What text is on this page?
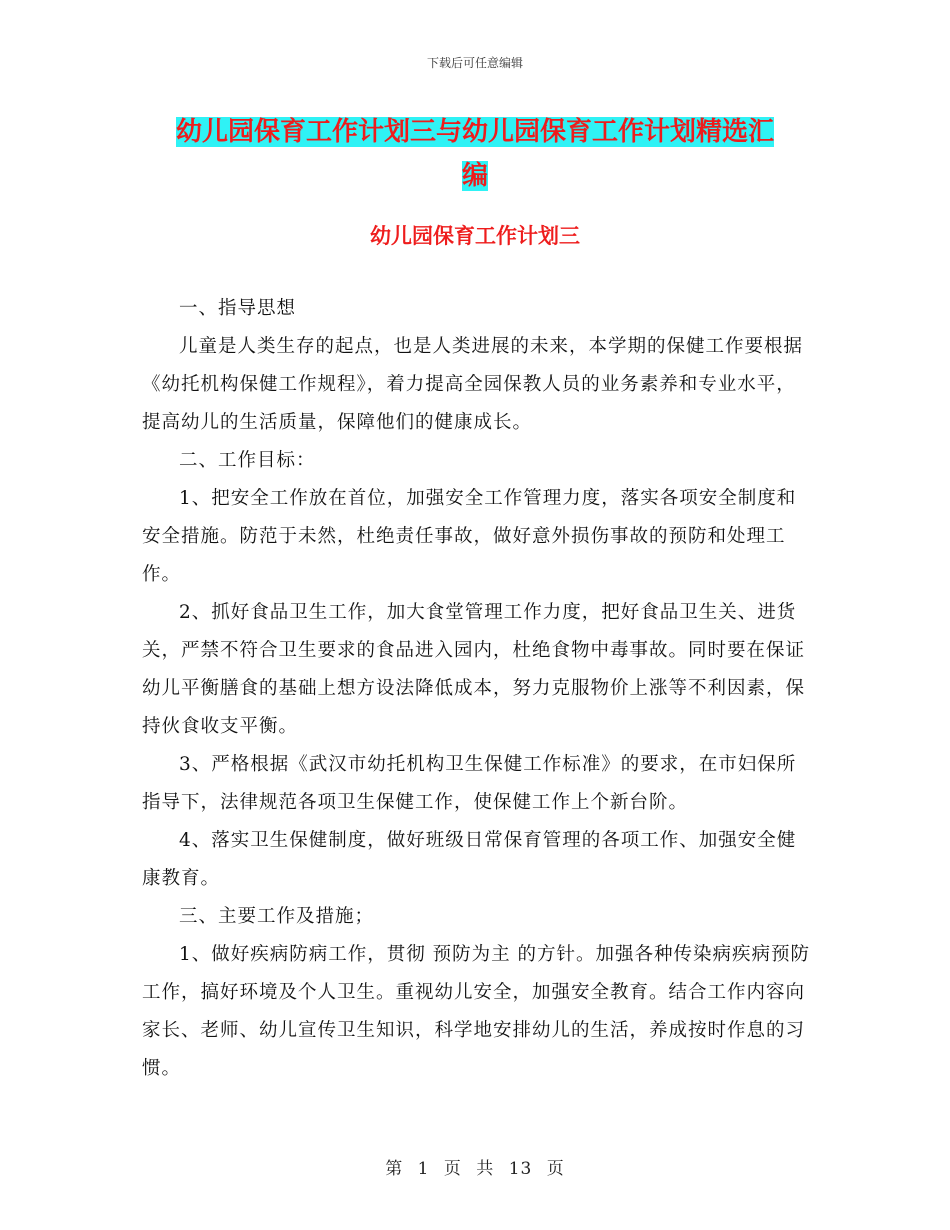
下载后可任意编辑
幼儿园保育工作计划三与幼儿园保育工作计划精选汇
编
幼儿园保育工作计划三

一、指导思想

儿童是人类生存的起点，也是人类进展的未来，本学期的保健工作要根据《幼托机构保健工作规程》，着力提高全园保教人员的业务素养和专业水平，提高幼儿的生活质量，保障他们的健康成长。

二、工作目标：

1、把安全工作放在首位，加强安全工作管理力度，落实各项安全制度和安全措施。防范于未然，杜绝责任事故，做好意外损伤事故的预防和处理工作。

2、抓好食品卫生工作，加大食堂管理工作力度，把好食品卫生关、进货关，严禁不符合卫生要求的食品进入园内，杜绝食物中毒事故。同时要在保证幼儿平衡膳食的基础上想方设法降低成本，努力克服物价上涨等不利因素，保持伙食收支平衡。

3、严格根据《武汉市幼托机构卫生保健工作标准》的要求，在市妇保所指导下，法律规范各项卫生保健工作，使保健工作上个新台阶。

4、落实卫生保健制度，做好班级日常保育管理的各项工作、加强安全健康教育。

三、主要工作及措施；

1、做好疾病防病工作，贯彻 预防为主 的方针。加强各种传染病疾病预防工作，搞好环境及个人卫生。重视幼儿安全，加强安全教育。结合工作内容向家长、老师、幼儿宣传卫生知识，科学地安排幼儿的生活，养成按时作息的习惯。

第 1 页 共 13 页
